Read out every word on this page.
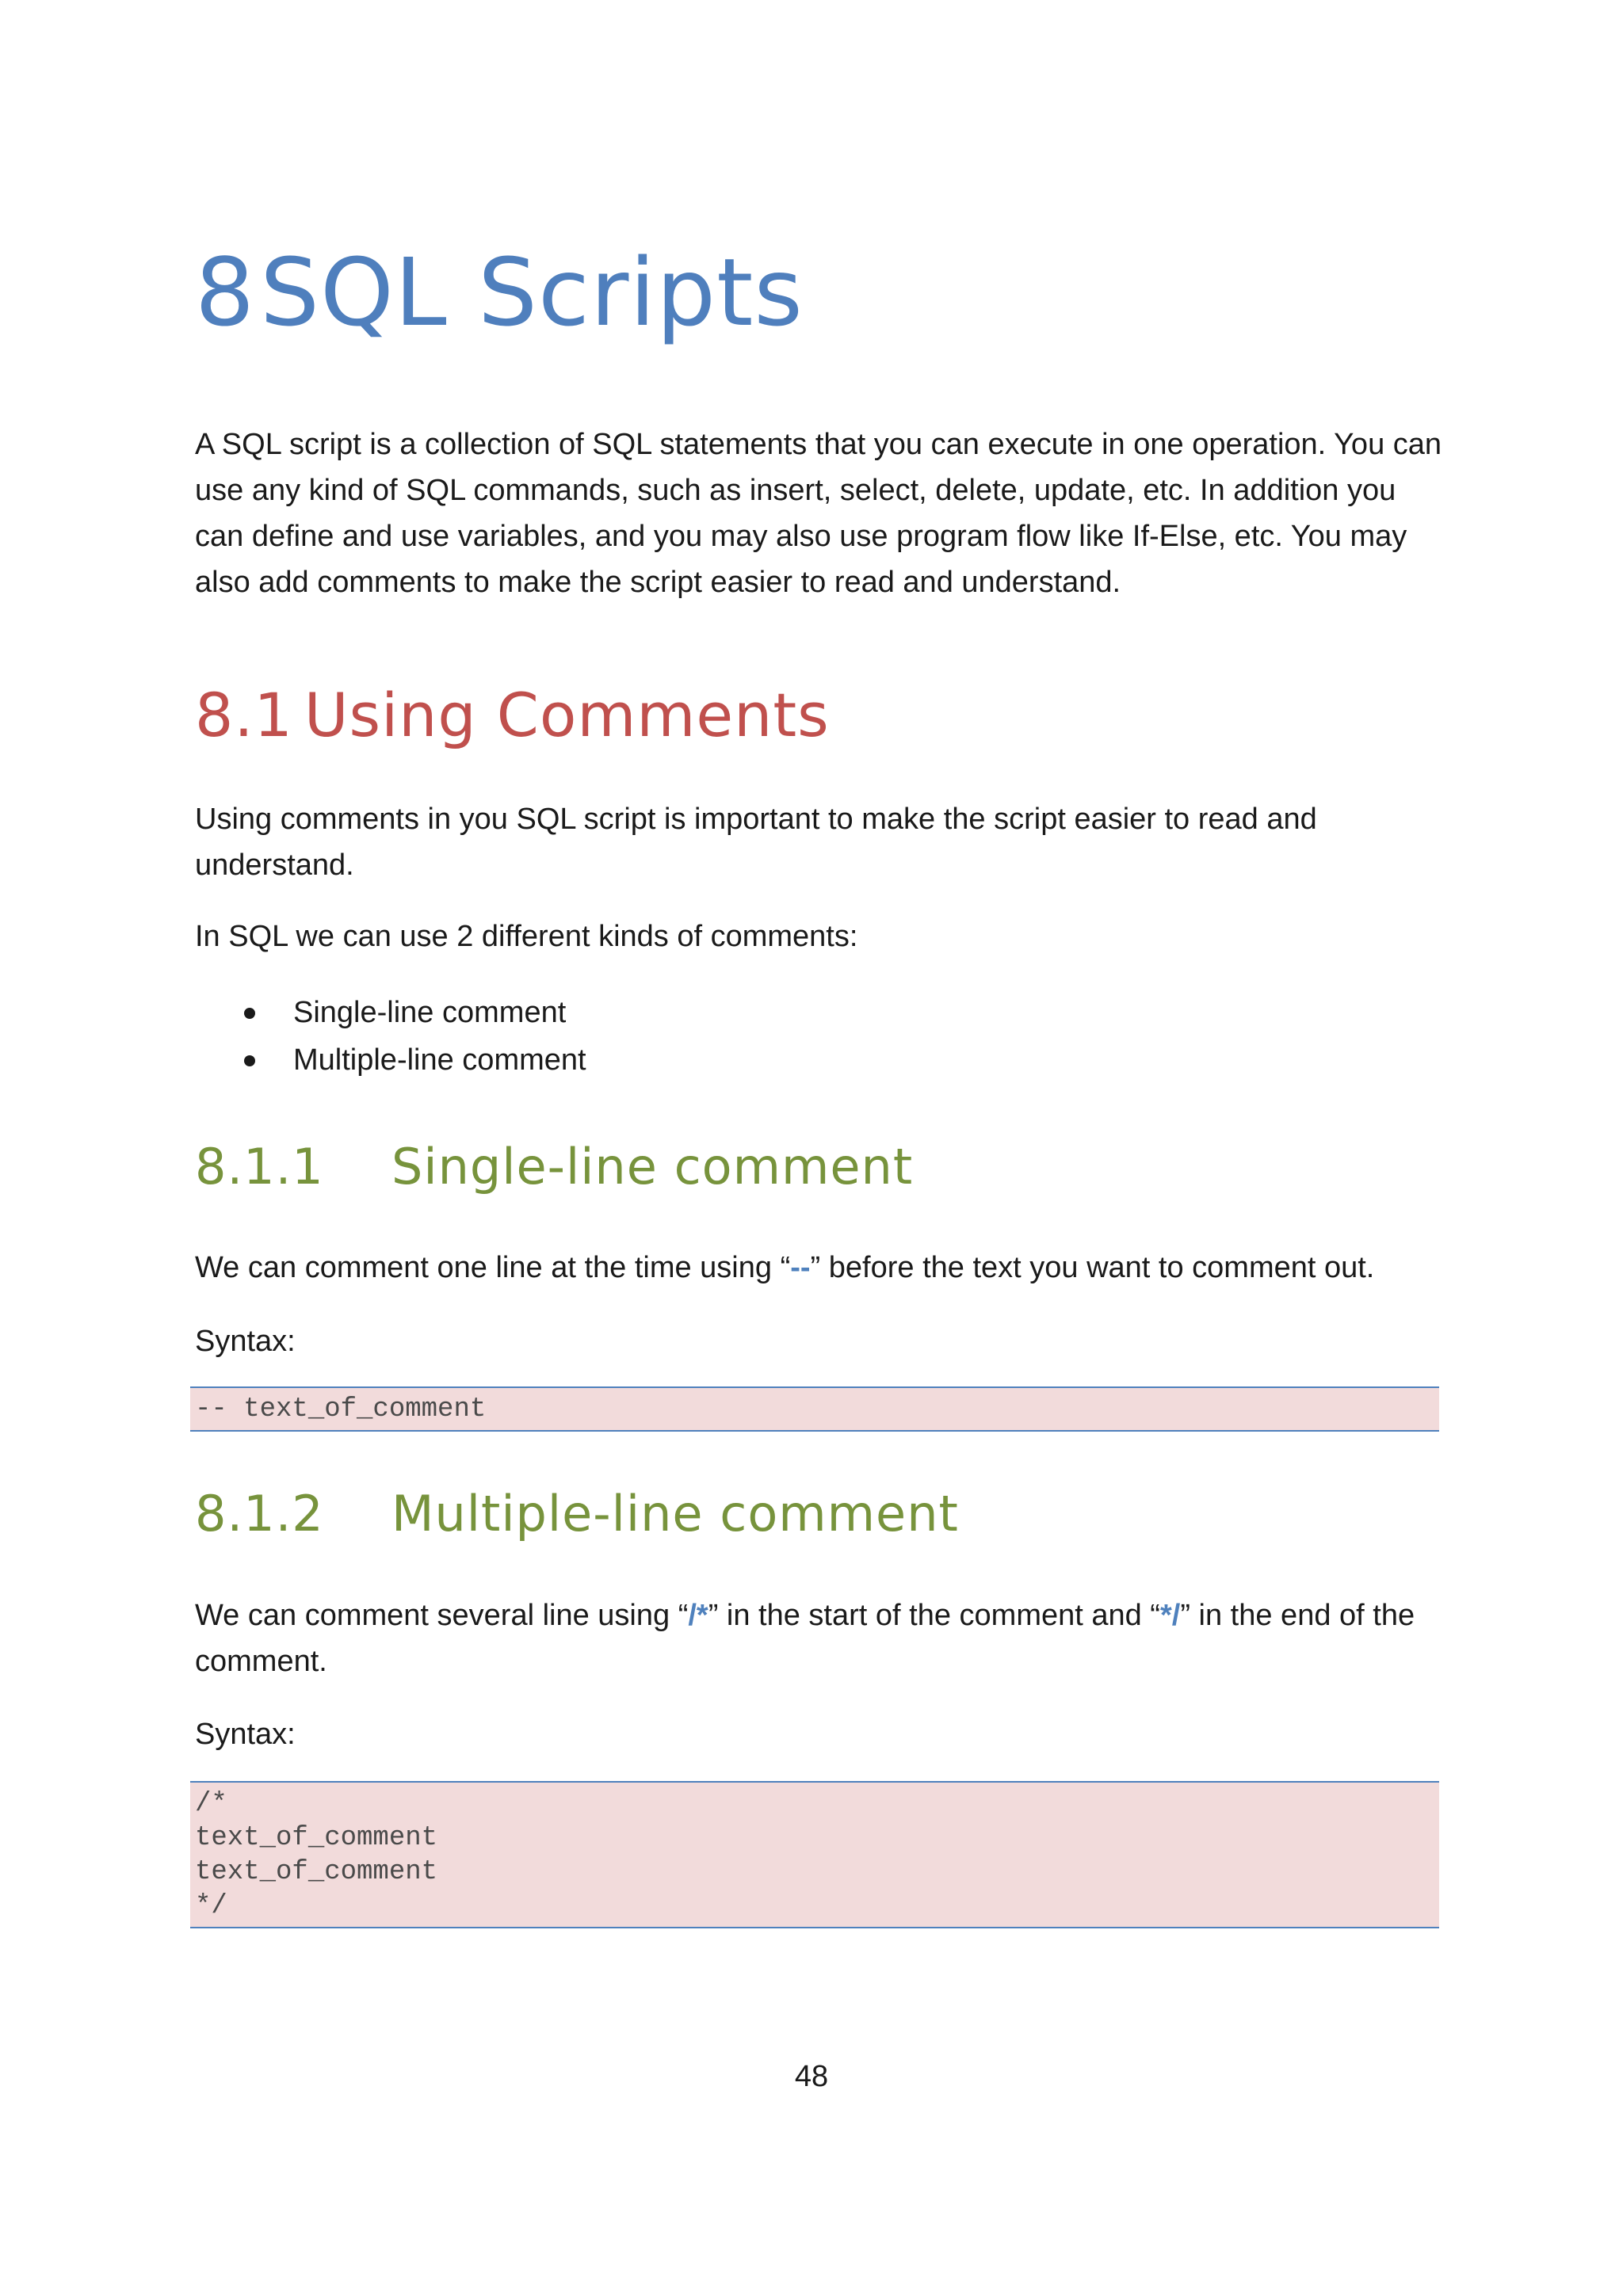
8SQL Scripts
A SQL script is a collection of SQL statements that you can execute in one operation. You can use any kind of SQL commands, such as insert, select, delete, update, etc. In addition you can define and use variables, and you may also use program flow like If-Else, etc. You may also add comments to make the script easier to read and understand.
8.1 Using Comments
Using comments in you SQL script is important to make the script easier to read and understand.
In SQL we can use 2 different kinds of comments:
Single-line comment
Multiple-line comment
8.1.1 Single-line comment
We can comment one line at the time using “--” before the text you want to comment out.
Syntax:
-- text_of_comment
8.1.2 Multiple-line comment
We can comment several line using “/*” in the start of the comment and “*/” in the end of the comment.
Syntax:
/*
text_of_comment
text_of_comment
*/
48
